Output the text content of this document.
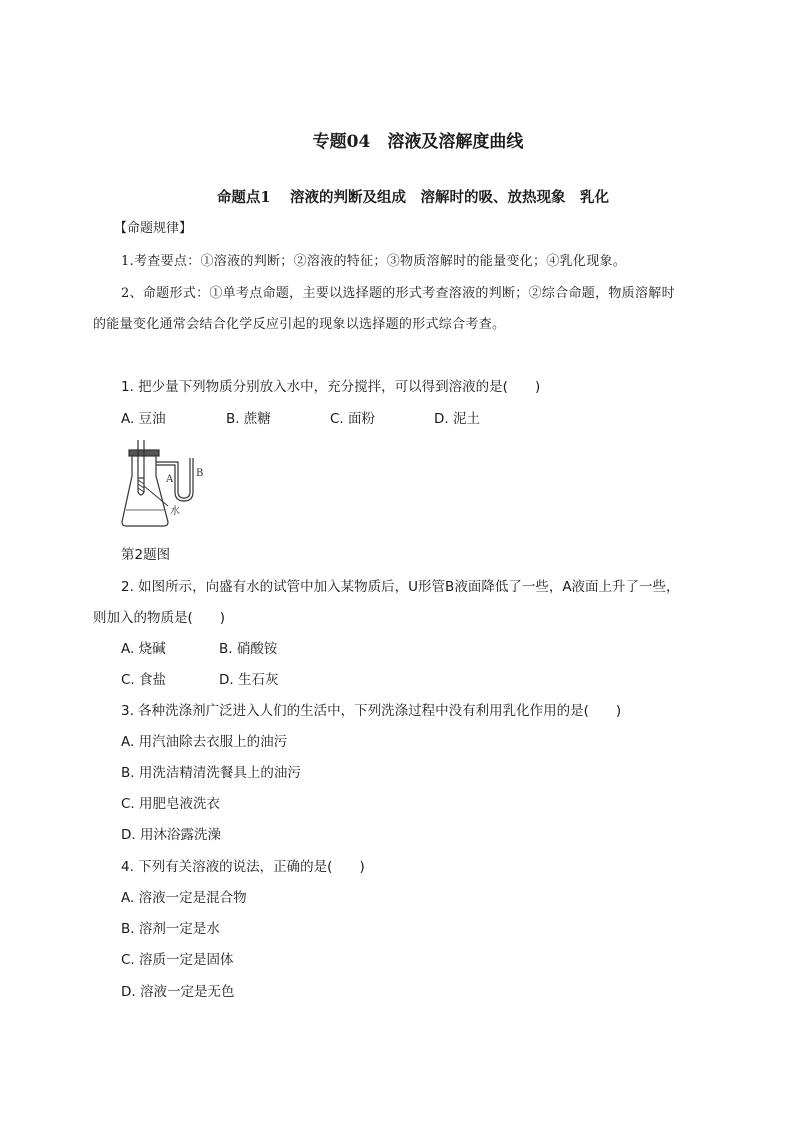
专题04　溶液及溶解度曲线
命题点1　 溶液的判断及组成　溶解时的吸、放热现象　乳化
【命题规律】
1.考查要点：①溶液的判断；②溶液的特征；③物质溶解时的能量变化；④乳化现象。
2、命题形式：①单考点命题，主要以选择题的形式考查溶液的判断；②综合命题，物质溶解时
的能量变化通常会结合化学反应引起的现象以选择题的形式综合考查。
1. 把少量下列物质分别放入水中，充分搅拌，可以得到溶液的是(　　)
A. 豆油	B. 蔗糖	C. 面粉	D. 泥土
A
B
水
第2题图
2. 如图所示，向盛有水的试管中加入某物质后，U形管B液面降低了一些，A液面上升了一些，
则加入的物质是(　　)
A. 烧碱	B. 硝酸铵
C. 食盐	D. 生石灰
3. 各种洗涤剂广泛进入人们的生活中，下列洗涤过程中没有利用乳化作用的是(　　)
A. 用汽油除去衣服上的油污
B. 用洗洁精清洗餐具上的油污
C. 用肥皂液洗衣
D. 用沐浴露洗澡
4. 下列有关溶液的说法，正确的是(　　)
A. 溶液一定是混合物
B. 溶剂一定是水
C. 溶质一定是固体
D. 溶液一定是无色
